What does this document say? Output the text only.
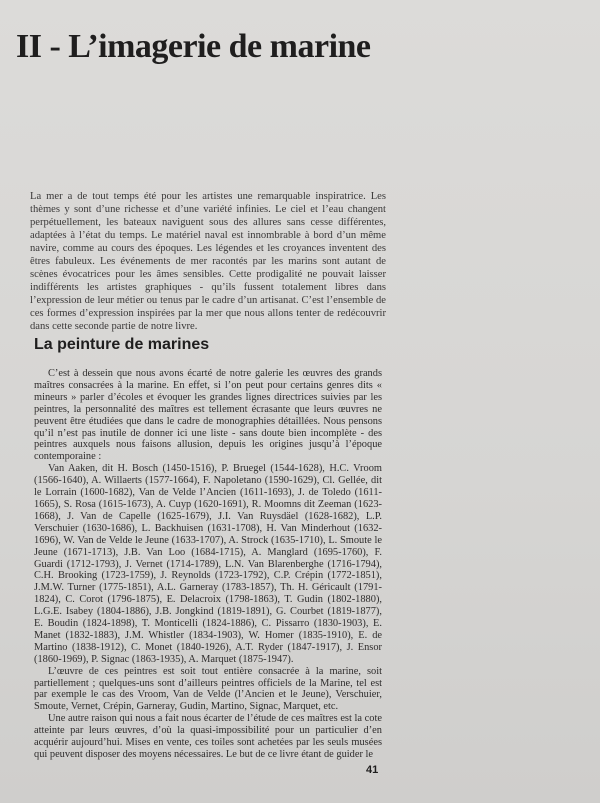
II - L’imagerie de marine

La mer a de tout temps été pour les artistes une remarquable inspiratrice. Les thèmes y sont d’une richesse et d’une variété infinies. Le ciel et l’eau changent perpétuellement, les bateaux naviguent sous des allures sans cesse différentes, adaptées à l’état du temps. Le matériel naval est innombrable à bord d’un même navire, comme au cours des époques. Les légendes et les croyances inventent des êtres fabuleux. Les événements de mer racontés par les marins sont autant de scènes évocatrices pour les âmes sensibles. Cette prodigalité ne pouvait laisser indifférents les artistes graphiques - qu’ils fussent totalement libres dans l’expression de leur métier ou tenus par le cadre d’un artisanat. C’est l’ensemble de ces formes d’expression inspirées par la mer que nous allons tenter de redécouvrir dans cette seconde partie de notre livre.

La peinture de marines

C’est à dessein que nous avons écarté de notre galerie les œuvres des grands maîtres consacrées à la marine. En effet, si l’on peut pour certains genres dits « mineurs » parler d’écoles et évoquer les grandes lignes directrices suivies par les peintres, la personnalité des maîtres est tellement écrasante que leurs œuvres ne peuvent être étudiées que dans le cadre de monographies détaillées. Nous pensons qu’il n’est pas inutile de donner ici une liste - sans doute bien incomplète - des peintres auxquels nous faisons allusion, depuis les origines jusqu’à l’époque contemporaine :

Van Aaken, dit H. Bosch (1450-1516), P. Bruegel (1544-1628), H.C. Vroom (1566-1640), A. Willaerts (1577-1664), F. Napoletano (1590-1629), Cl. Gellée, dit le Lorrain (1600-1682), Van de Velde l’Ancien (1611-1693), J. de Toledo (1611-1665), S. Rosa (1615-1673), A. Cuyp (1620-1691), R. Moomns dit Zeeman (1623-1668), J. Van de Capelle (1625-1679), J.I. Van Ruysdäel (1628-1682), L.P. Verschuier (1630-1686), L. Backhuisen (1631-1708), H. Van Minderhout (1632-1696), W. Van de Velde le Jeune (1633-1707), A. Strock (1635-1710), L. Smoute le Jeune (1671-1713), J.B. Van Loo (1684-1715), A. Manglard (1695-1760), F. Guardi (1712-1793), J. Vernet (1714-1789), L.N. Van Blarenberghe (1716-1794), C.H. Brooking (1723-1759), J. Reynolds (1723-1792), C.P. Crépin (1772-1851), J.M.W. Turner (1775-1851), A.L. Garneray (1783-1857), Th. H. Géricault (1791-1824), C. Corot (1796-1875), E. Delacroix (1798-1863), T. Gudin (1802-1880), L.G.E. Isabey (1804-1886), J.B. Jongkind (1819-1891), G. Courbet (1819-1877), E. Boudin (1824-1898), T. Monticelli (1824-1886), C. Pissarro (1830-1903), E. Manet (1832-1883), J.M. Whistler (1834-1903), W. Homer (1835-1910), E. de Martino (1838-1912), C. Monet (1840-1926), A.T. Ryder (1847-1917), J. Ensor (1860-1969), P. Signac (1863-1935), A. Marquet (1875-1947).

L’œuvre de ces peintres est soit tout entière consacrée à la marine, soit partiellement ; quelques-uns sont d’ailleurs peintres officiels de la Marine, tel est par exemple le cas des Vroom, Van de Velde (l’Ancien et le Jeune), Verschuier, Smoute, Vernet, Crépin, Garneray, Gudin, Martino, Signac, Marquet, etc.

Une autre raison qui nous a fait nous écarter de l’étude de ces maîtres est la cote atteinte par leurs œuvres, d’où la quasi-impossibilité pour un particulier d’en acquérir aujourd’hui. Mises en vente, ces toiles sont achetées par les seuls musées qui peuvent disposer des moyens nécessaires. Le but de ce livre étant de guider le

41
